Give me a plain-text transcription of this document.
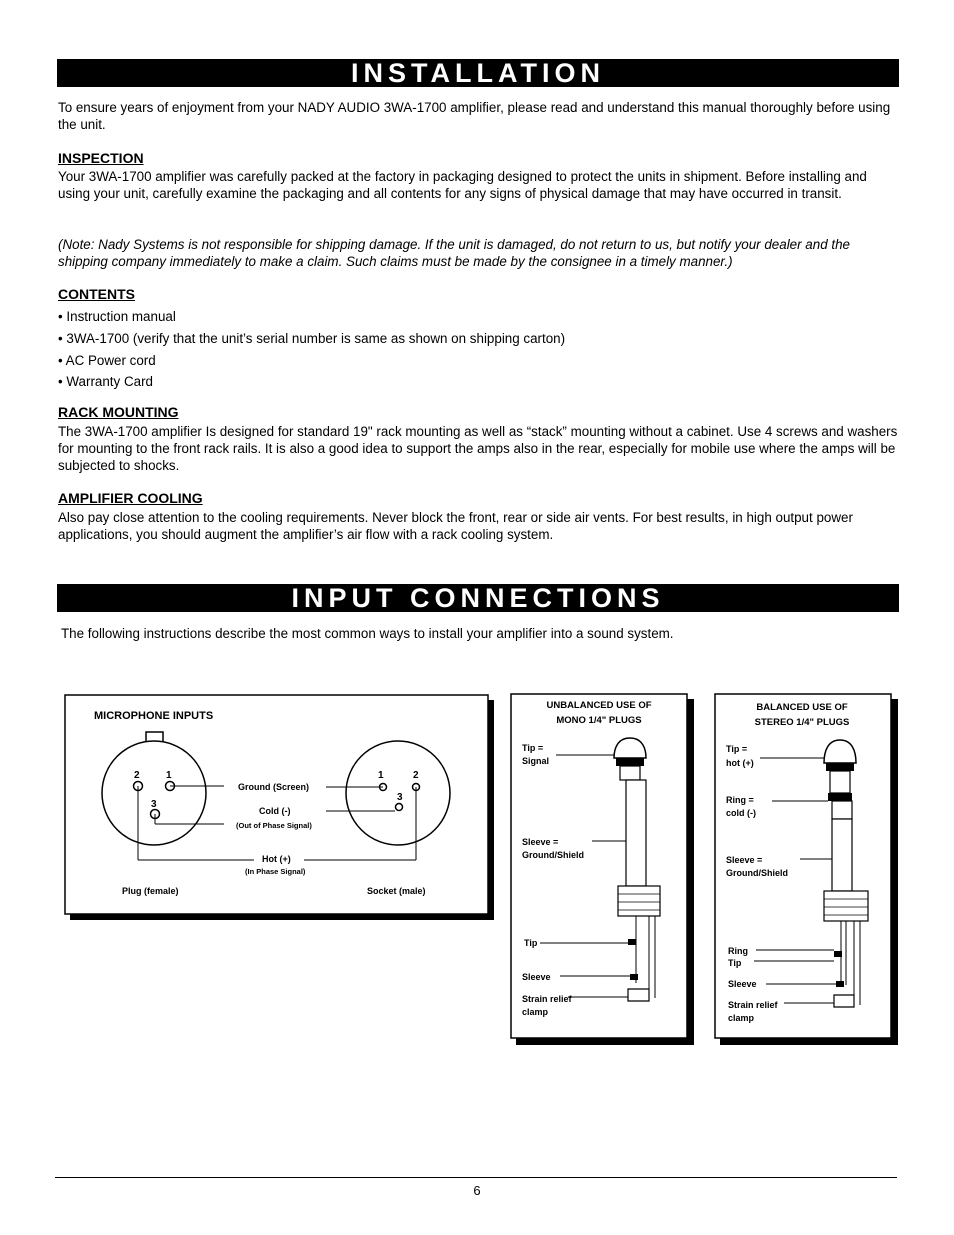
INSTALLATION
To ensure years of enjoyment from your NADY AUDIO 3WA-1700 amplifier, please read and understand this manual thoroughly before using the unit.
INSPECTION
Your 3WA-1700 amplifier was carefully packed at the factory in packaging designed to protect the units in shipment. Before installing and using your unit, carefully examine the packaging and all contents for any signs of physical damage that may have occurred in transit.
(Note: Nady Systems is not responsible for shipping damage. If the unit is damaged, do not return to us, but notify your dealer and the shipping company immediately to make a claim. Such claims must be made by the consignee in a timely manner.)
CONTENTS
• Instruction manual
• 3WA-1700 (verify that the unit’s serial number is same as shown on shipping carton)
• AC Power cord
• Warranty Card
RACK MOUNTING
The 3WA-1700 amplifier Is designed for standard 19" rack mounting as well as “stack” mounting without a cabinet. Use 4 screws and washers for mounting to the front rack rails. It is also a good idea to support the amps also in the rear, especially for mobile use where the amps will be subjected to shocks.
AMPLIFIER COOLING
Also pay close attention to the cooling requirements. Never block the front, rear or side air vents. For best results, in high output power applications, you should augment the amplifier’s air flow with a rack cooling system.
INPUT CONNECTIONS
The following instructions describe the most common ways to install your amplifier into a sound system.
MICROPHONE INPUTS
2	1
3
1	2
3
Ground (Screen)
Cold (-)
(Out of Phase Signal)
Hot (+)
(In Phase Signal)
Plug (female)	Socket (male)
UNBALANCED USE OF
MONO 1/4" PLUGS
Tip =
Signal
Sleeve =
Ground/Shield
Tip
Sleeve
Strain relief
clamp
BALANCED USE OF
STEREO 1/4" PLUGS
Tip =
hot (+)
Ring =
cold (-)
Sleeve =
Ground/Shield
Ring
Tip
Sleeve
Strain relief
clamp
6
